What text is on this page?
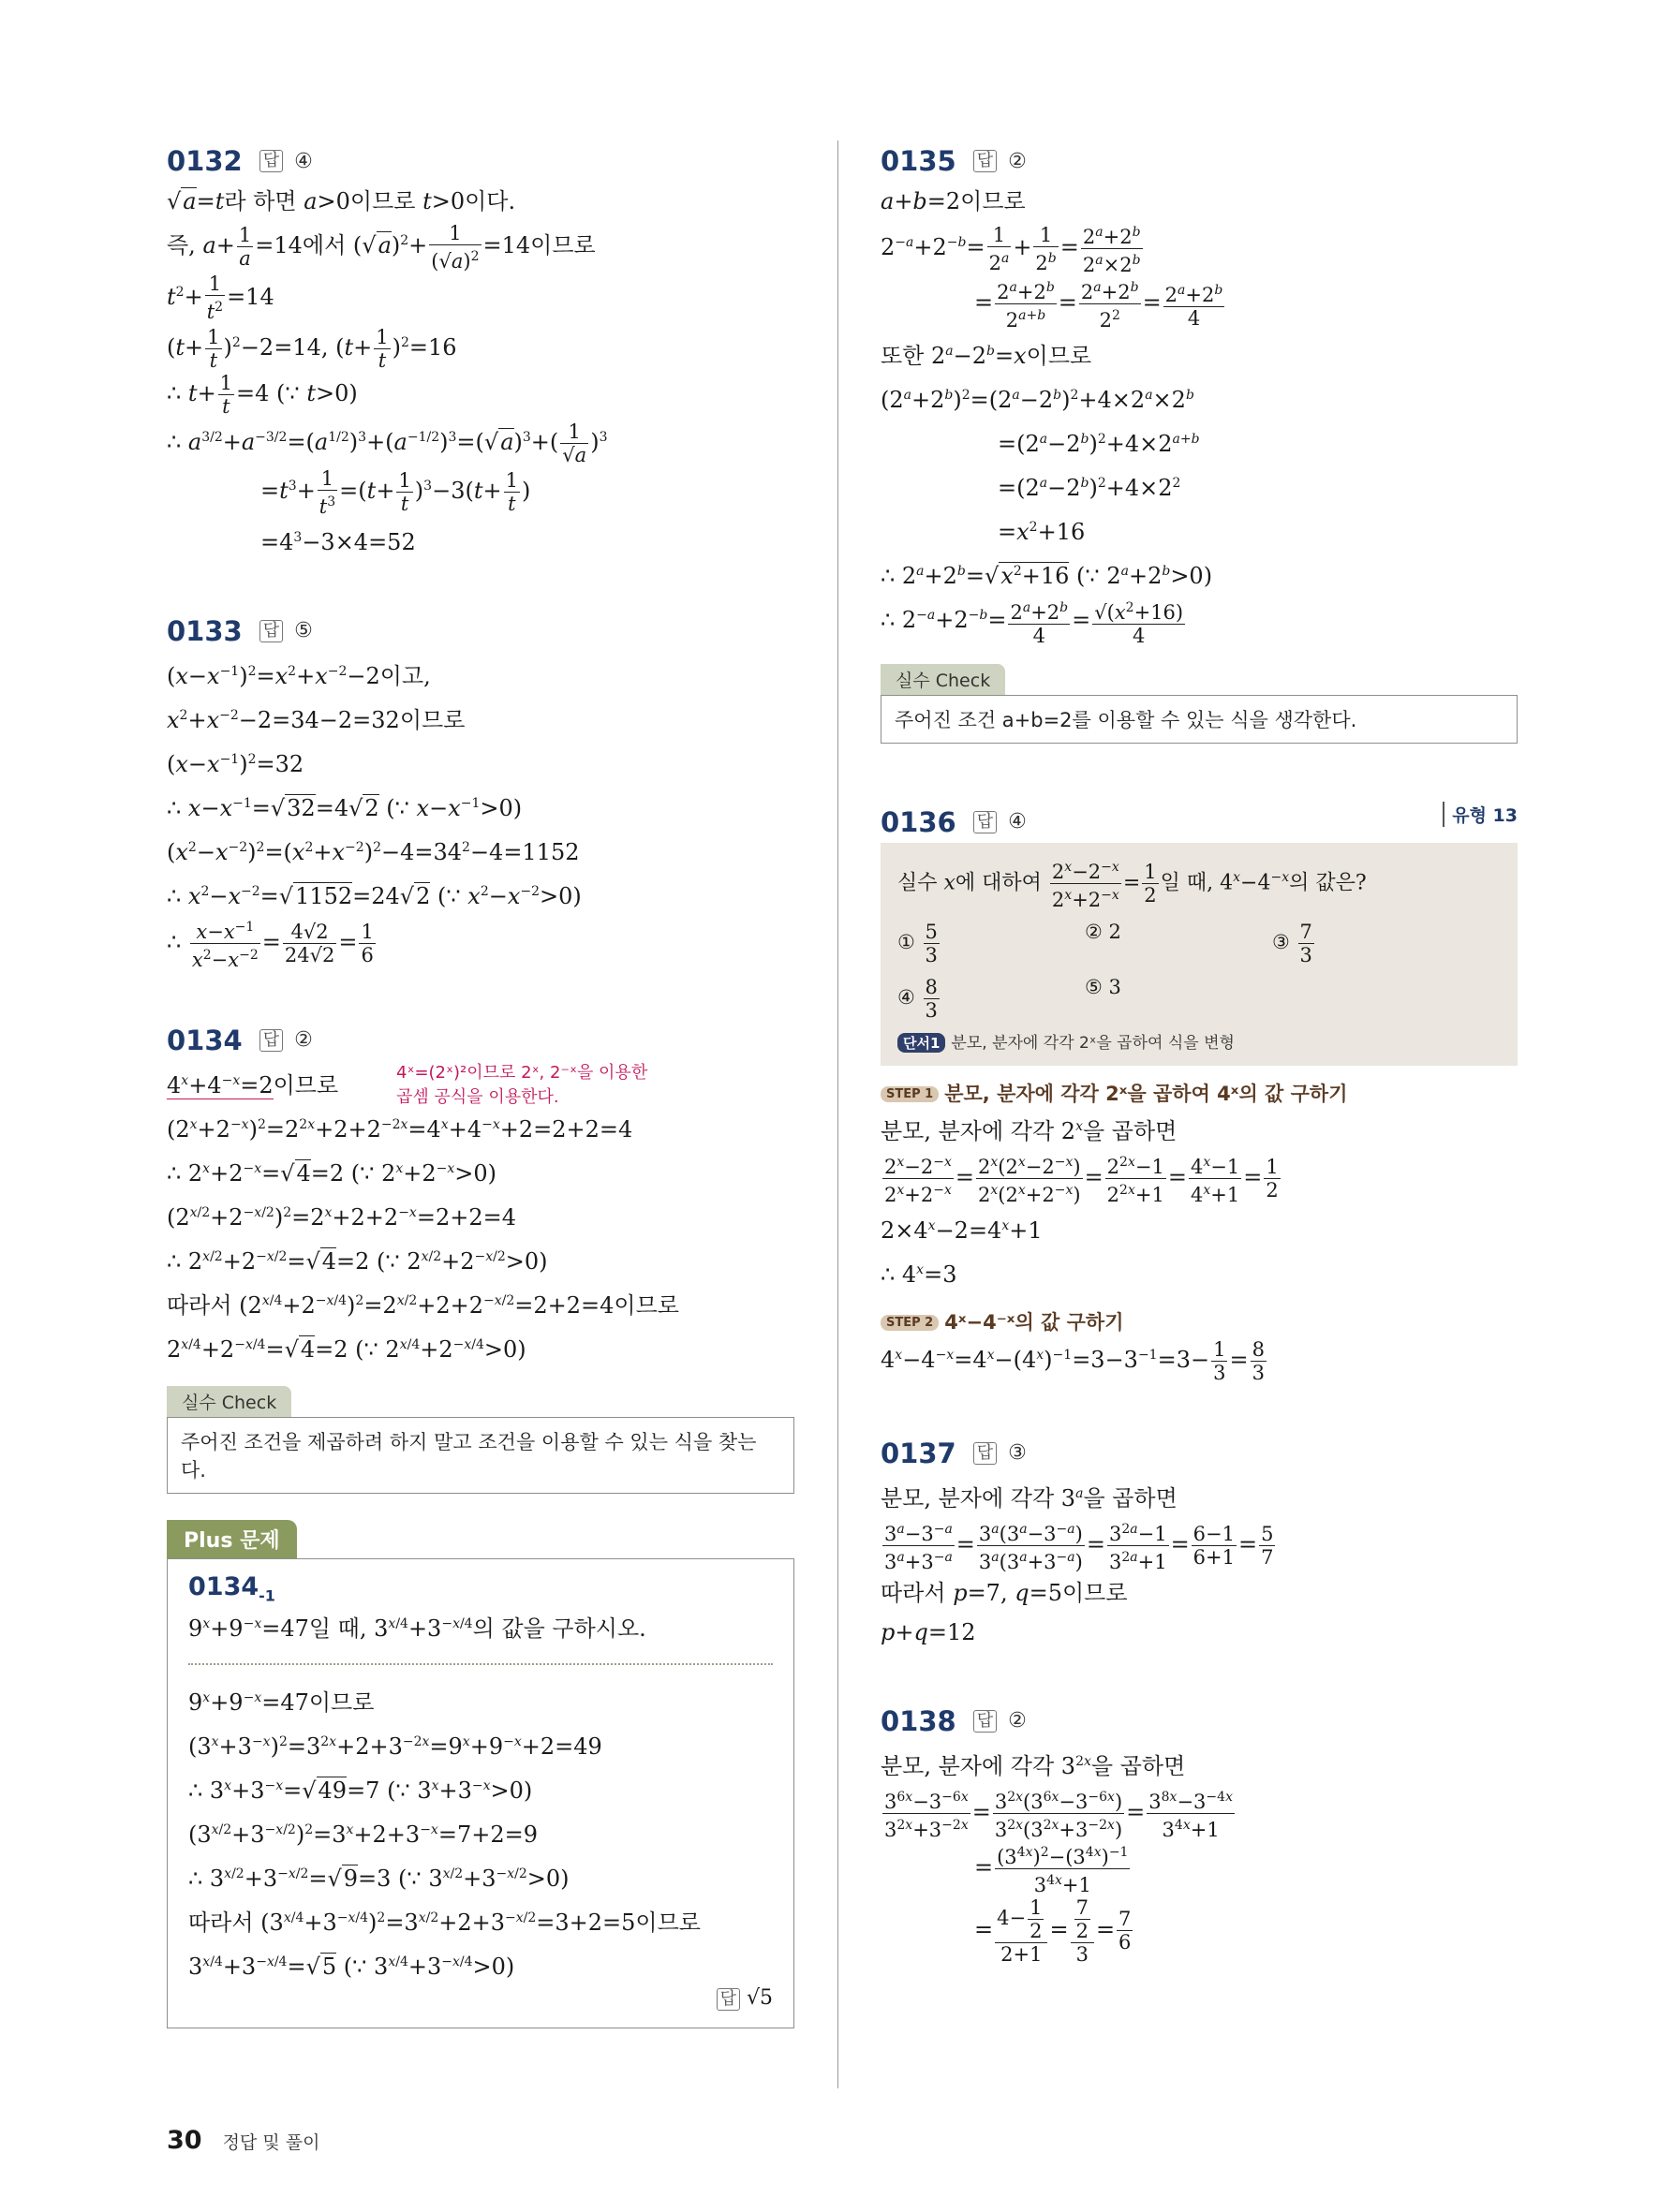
0132 답 ④
√a=t라 하면 a>0이므로 t>0이다.
즉, $a+ \frac{1}{a} =14$에서 $(√a)^2+ \frac{1}{(√a)^2} =14$이므로
$t^2+ \frac{1}{t^2} =14$
$(t+ \frac{1}{t} )^2-2=14$, $(t+ \frac{1}{t} )^2=16$
∴ $t+ \frac{1}{t} =4$ (∵ t>0)
∴ $a^{3/2}+a^{-3/2}=(a^{1/2})^3+(a^{-1/2})^3=(√a)^3+( \frac{1}{√a} )^3$
$=t^3+ \frac{1}{t^3} =(t+ \frac{1}{t} )^3-3(t+ \frac{1}{t}$ )
$=4^3-3\times 4=52$
0133 답 ⑤
$(x-x^{-1})^2=x^2+x^{-2}-2$이고,
$x^2+x^{-2}-2=34-2=32$이므로
$(x-x^{-1})^2=32$
∴ $x-x^{-1}=√32=4√2$ (∵ $x-x^{-1}>0$)
$(x^2-x^{-2})^2=(x^2+x^{-2})^2-4=34^2-4=1152$
∴ $x^2-x^{-2}=√1152=24√2$ (∵ $x^2-x^{-2}>0$)
∴ $\frac{x-x^{-1}}{x^2-x^{-2}} = \frac{4√2}{24√2} = \frac{1}{6}$
0134 답 ②
4ˣ=(2ˣ)²이므로 2ˣ, 2⁻ˣ을 이용한
곱셈 공식을 이용한다.
$4^x+4^{-x}=2$이므로
$(2^x+2^{-x})^2=2^{2x}+2+2^{-2x}=4^x+4^{-x}+2=2+2=4$
∴ $2^x+2^{-x}=√4=2$ (∵ $2^x+2^{-x}>0$)
$(2^{x/2}+2^{-x/2})^2=2^x+2+2^{-x}=2+2=4$
∴ $2^{x/2}+2^{-x/2}=√4=2$ (∵ $2^{x/2}+2^{-x/2}>0$)
따라서 $(2^{x/4}+2^{-x/4})^2=2^{x/2}+2+2^{-x/2}=2+2=4$이므로
$2^{x/4}+2^{-x/4}=√4=2$ (∵ $2^{x/4}+2^{-x/4}>0$)
실수 Check
주어진 조건을 제곱하려 하지 말고 조건을 이용할 수 있는 식을 찾는다.
Plus 문제
$0134_{-1}$
$9^x+9^{-x}=47$일 때, $3^{x/4}+3^{-x/4}$의 값을 구하시오.
$9^x+9^{-x}=47$이므로
$(3^x+3^{-x})^2=3^{2x}+2+3^{-2x}=9^x+9^{-x}+2=49$
∴ $3^x+3^{-x}=√49=7$ (∵ $3^x+3^{-x}>0$)
$(3^{x/2}+3^{-x/2})^2=3^x+2+3^{-x}=7+2=9$
∴ $3^{x/2}+3^{-x/2}=√9=3$ (∵ $3^{x/2}+3^{-x/2}>0$)
따라서 $(3^{x/4}+3^{-x/4})^2=3^{x/2}+2+3^{-x/2}=3+2=5$이므로
$3^{x/4}+3^{-x/4}=√5$ (∵ $3^{x/4}+3^{-x/4}>0$)
답 √5
0135 답 ②
a+b=2이므로
$2^{-a}+2^{-b}= \frac{1}{2^a} + \frac{1}{2^b} = \frac{2^a+2^b}{2^a\times 2^b}$
= $\frac{2^a+2^b}{2^{a+b}} = \frac{2^a+2^b}{2^2} = \frac{2^a+2^b}{4}$
또한 $2^a-2^b=x$이므로
$(2^a+2^b)^2=(2^a-2^b)^2+4\times 2^a\times 2^b$
$=(2^a-2^b)^2+4\times 2^{a+b}$
$=(2^a-2^b)^2+4\times 2^2$
$=x^2+16$
∴ $2^a+2^b=√x^2+16$ (∵ $2^a+2^b>0$)
∴ $2^{-a}+2^{-b}= \frac{2^a+2^b}{4} = \frac{√(x^2+16)}{4}$
실수 Check
주어진 조건 a+b=2를 이용할 수 있는 식을 생각한다.
0136 답 ④	유형 13
실수 x에 대하여 $\frac{2^x-2^{-x}}{2^x+2^{-x}} = \frac{1}{2}$ 일 때, $4^x-4^{-x}$의 값은?
① $\frac{5}{3}$	② 2	③ $\frac{7}{3}$
④ $\frac{8}{3}$	⑤ 3
단서1 분모, 분자에 각각 2ˣ을 곱하여 식을 변형
STEP 1 분모, 분자에 각각 2ˣ을 곱하여 4ˣ의 값 구하기
분모, 분자에 각각 2$^x$을 곱하면
$\frac{2^x-2^{-x}}{2^x+2^{-x}} = \frac{2^x(2^x-2^{-x})}{2^x(2^x+2^{-x})} = \frac{2^{2x}-1}{2^{2x}+1} = \frac{4^x-1}{4^x+1} = \frac{1}{2}$
$2\times 4^x-2=4^x+1$
∴ $4^x=3$
STEP 2 4ˣ−4⁻ˣ의 값 구하기
$4^x-4^{-x}=4^x-(4^x)^{-1}=3-3^{-1}=3- \frac{1}{3} = \frac{8}{3}$
0137 답 ③
분모, 분자에 각각 3$^a$을 곱하면
$\frac{3^a-3^{-a}}{3^a+3^{-a}} = \frac{3^a(3^a-3^{-a})}{3^a(3^a+3^{-a})} = \frac{3^{2a}-1}{3^{2a}+1} = \frac{6-1}{6+1} = \frac{5}{7}$
따라서 p=7, q=5이므로
p+q=12
0138 답 ②
분모, 분자에 각각 $3^{2x}$을 곱하면
$\frac{3^{6x}-3^{-6x}}{3^{2x}+3^{-2x}} = \frac{3^{2x}(3^{6x}-3^{-6x})}{3^{2x}(3^{2x}+3^{-2x})} = \frac{3^{8x}-3^{-4x}}{3^{4x}+1}$
= $\frac{(3^{4x})^2-(3^{4x})^{-1}}{3^{4x}+1}$
= $\frac{4- \frac{1}{2}}{2+1} = \frac{\frac{7}{2}}{3} = \frac{7}{6}$
30 정답 및 풀이
